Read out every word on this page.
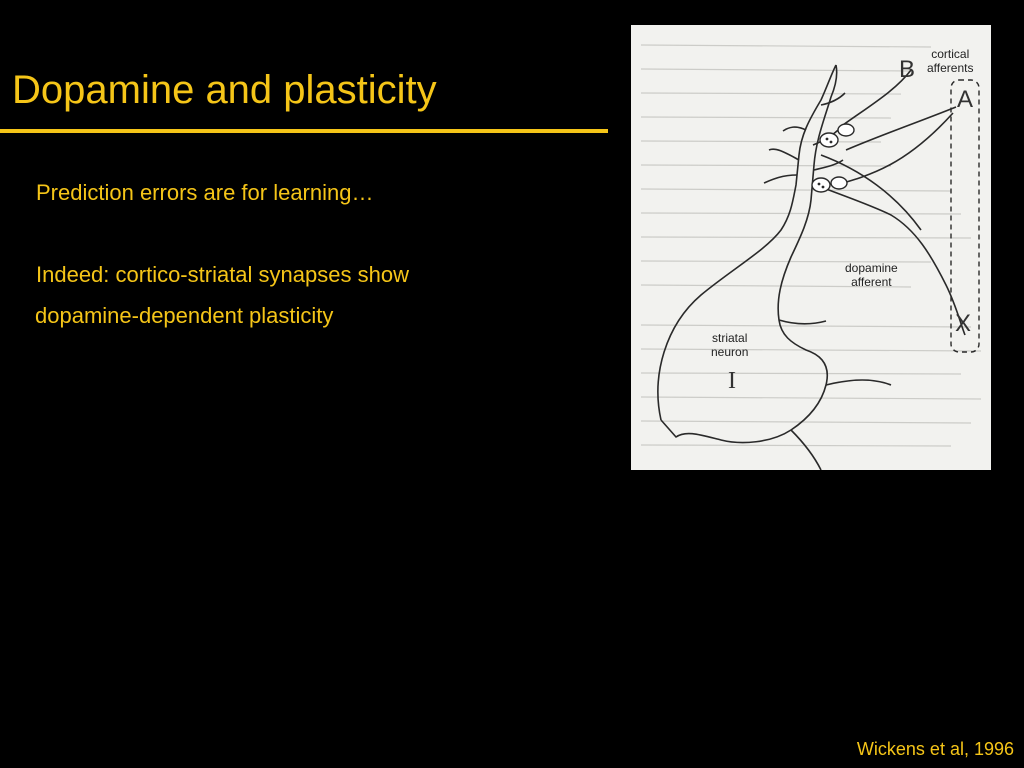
Dopamine and plasticity
Prediction errors are for learning…
Indeed: cortico-striatal synapses show
dopamine-dependent plasticity
cortical
afferents
dopamine
afferent
striatal
neuron
B
A
X
I
Wickens et al, 1996
